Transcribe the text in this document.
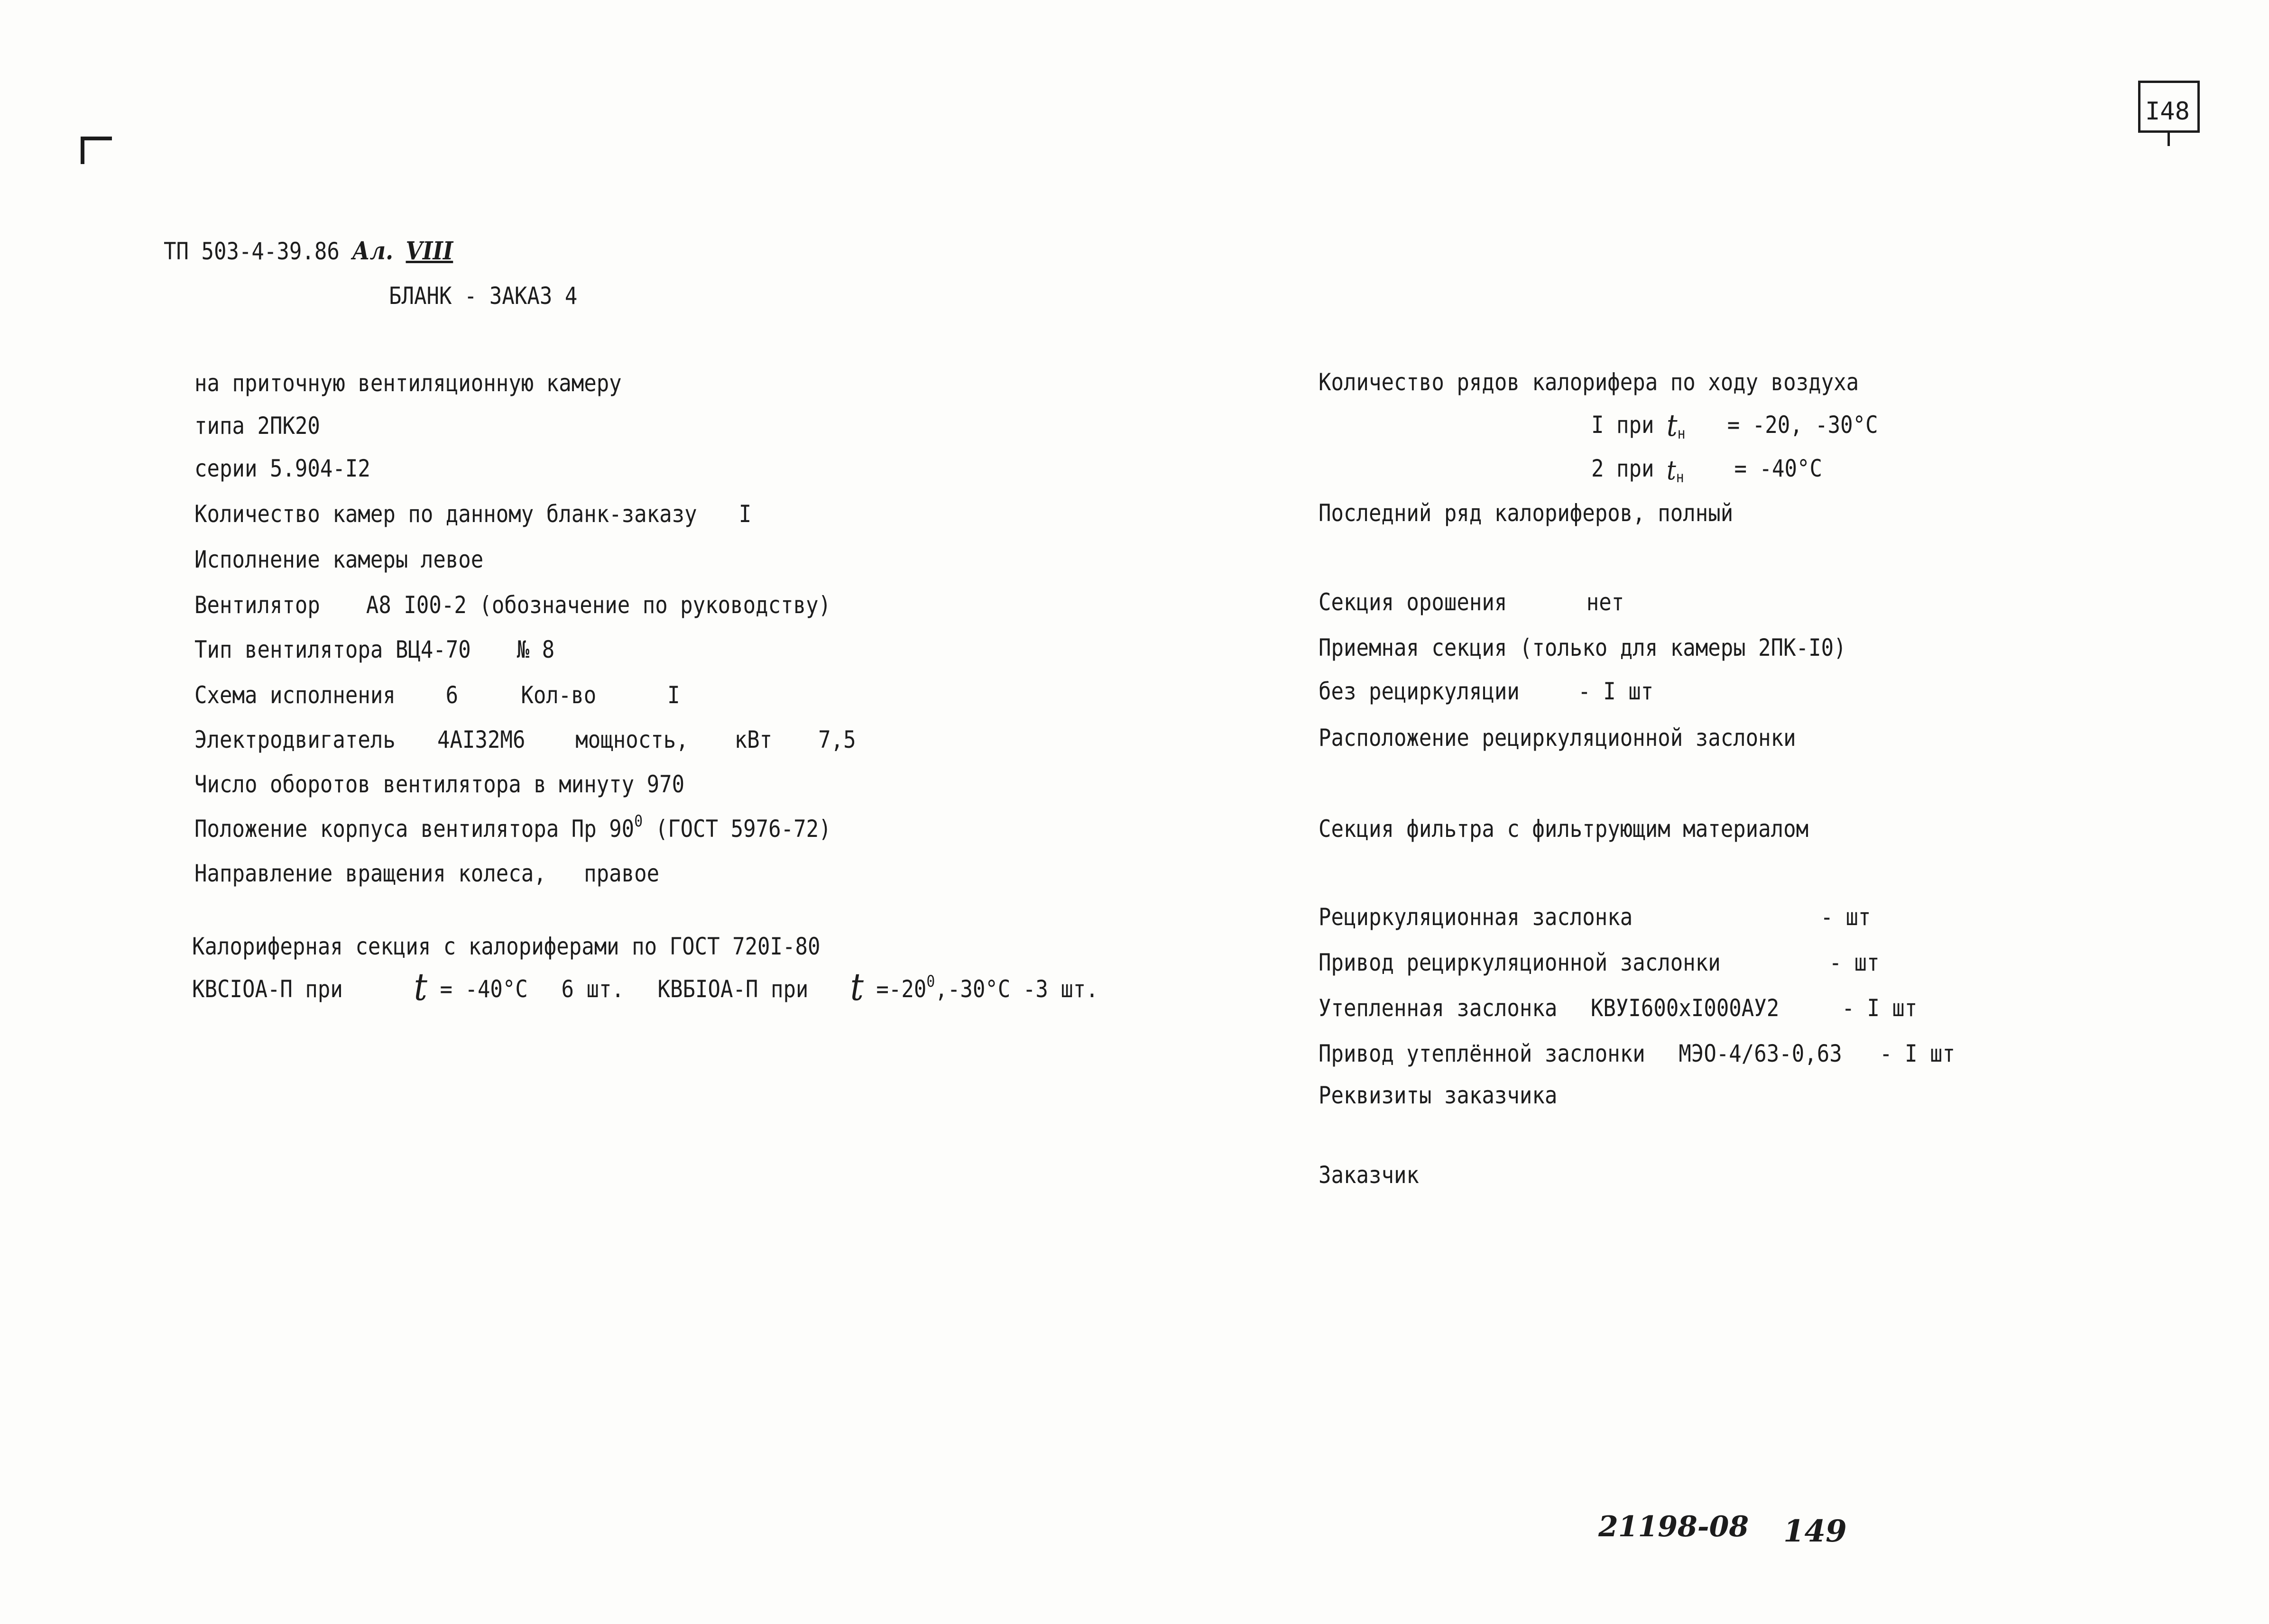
I48
ТП 503-4-39.86 Ал. VIII
БЛАНК - ЗАКАЗ 4
на приточную вентиляционную камеру
типа 2ПК20
серии 5.904-I2
Количество камер по данному бланк-заказу I
Исполнение камеры левое
Вентилятор А8 I00-2 (обозначение по руководству)
Тип вентилятора ВЦ4-70 № 8
Схема исполнения 6	Кол-во	I
Электродвигатель 4АI32М6 мощность, кВт 7,5
Число оборотов вентилятора в минуту 970
Положение корпуса вентилятора Пр $90^0$ (ГОСТ 5976-72)
Направление вращения колеса, правое
Калориферная секция с калориферами по ГОСТ 720I-80
КВСIОА-П при t = -40°С 6 шт. КВБIОА-П при $t =-20^0,-30^\circ С$ -3 шт.
Количество рядов калорифера по ходу воздуха
I при $t_н = -20$, -30°С
2 при $t_н = -40^\circ С$
Последний ряд калориферов, полный
Секция орошения	нет
Приемная секция (только для камеры 2ПК-I0)
без рециркуляции - I шт
Расположение рециркуляционной заслонки
Секция фильтра с фильтрующим материалом
Рециркуляционная заслонка	- шт
Привод рециркуляционной заслонки	- шт
Утепленная заслонка КВУI600хI000АУ2	- I шт
Привод утеплённой заслонки МЭО-4/63-0,63 - I шт
Реквизиты заказчика
Заказчик
21198-08 149
